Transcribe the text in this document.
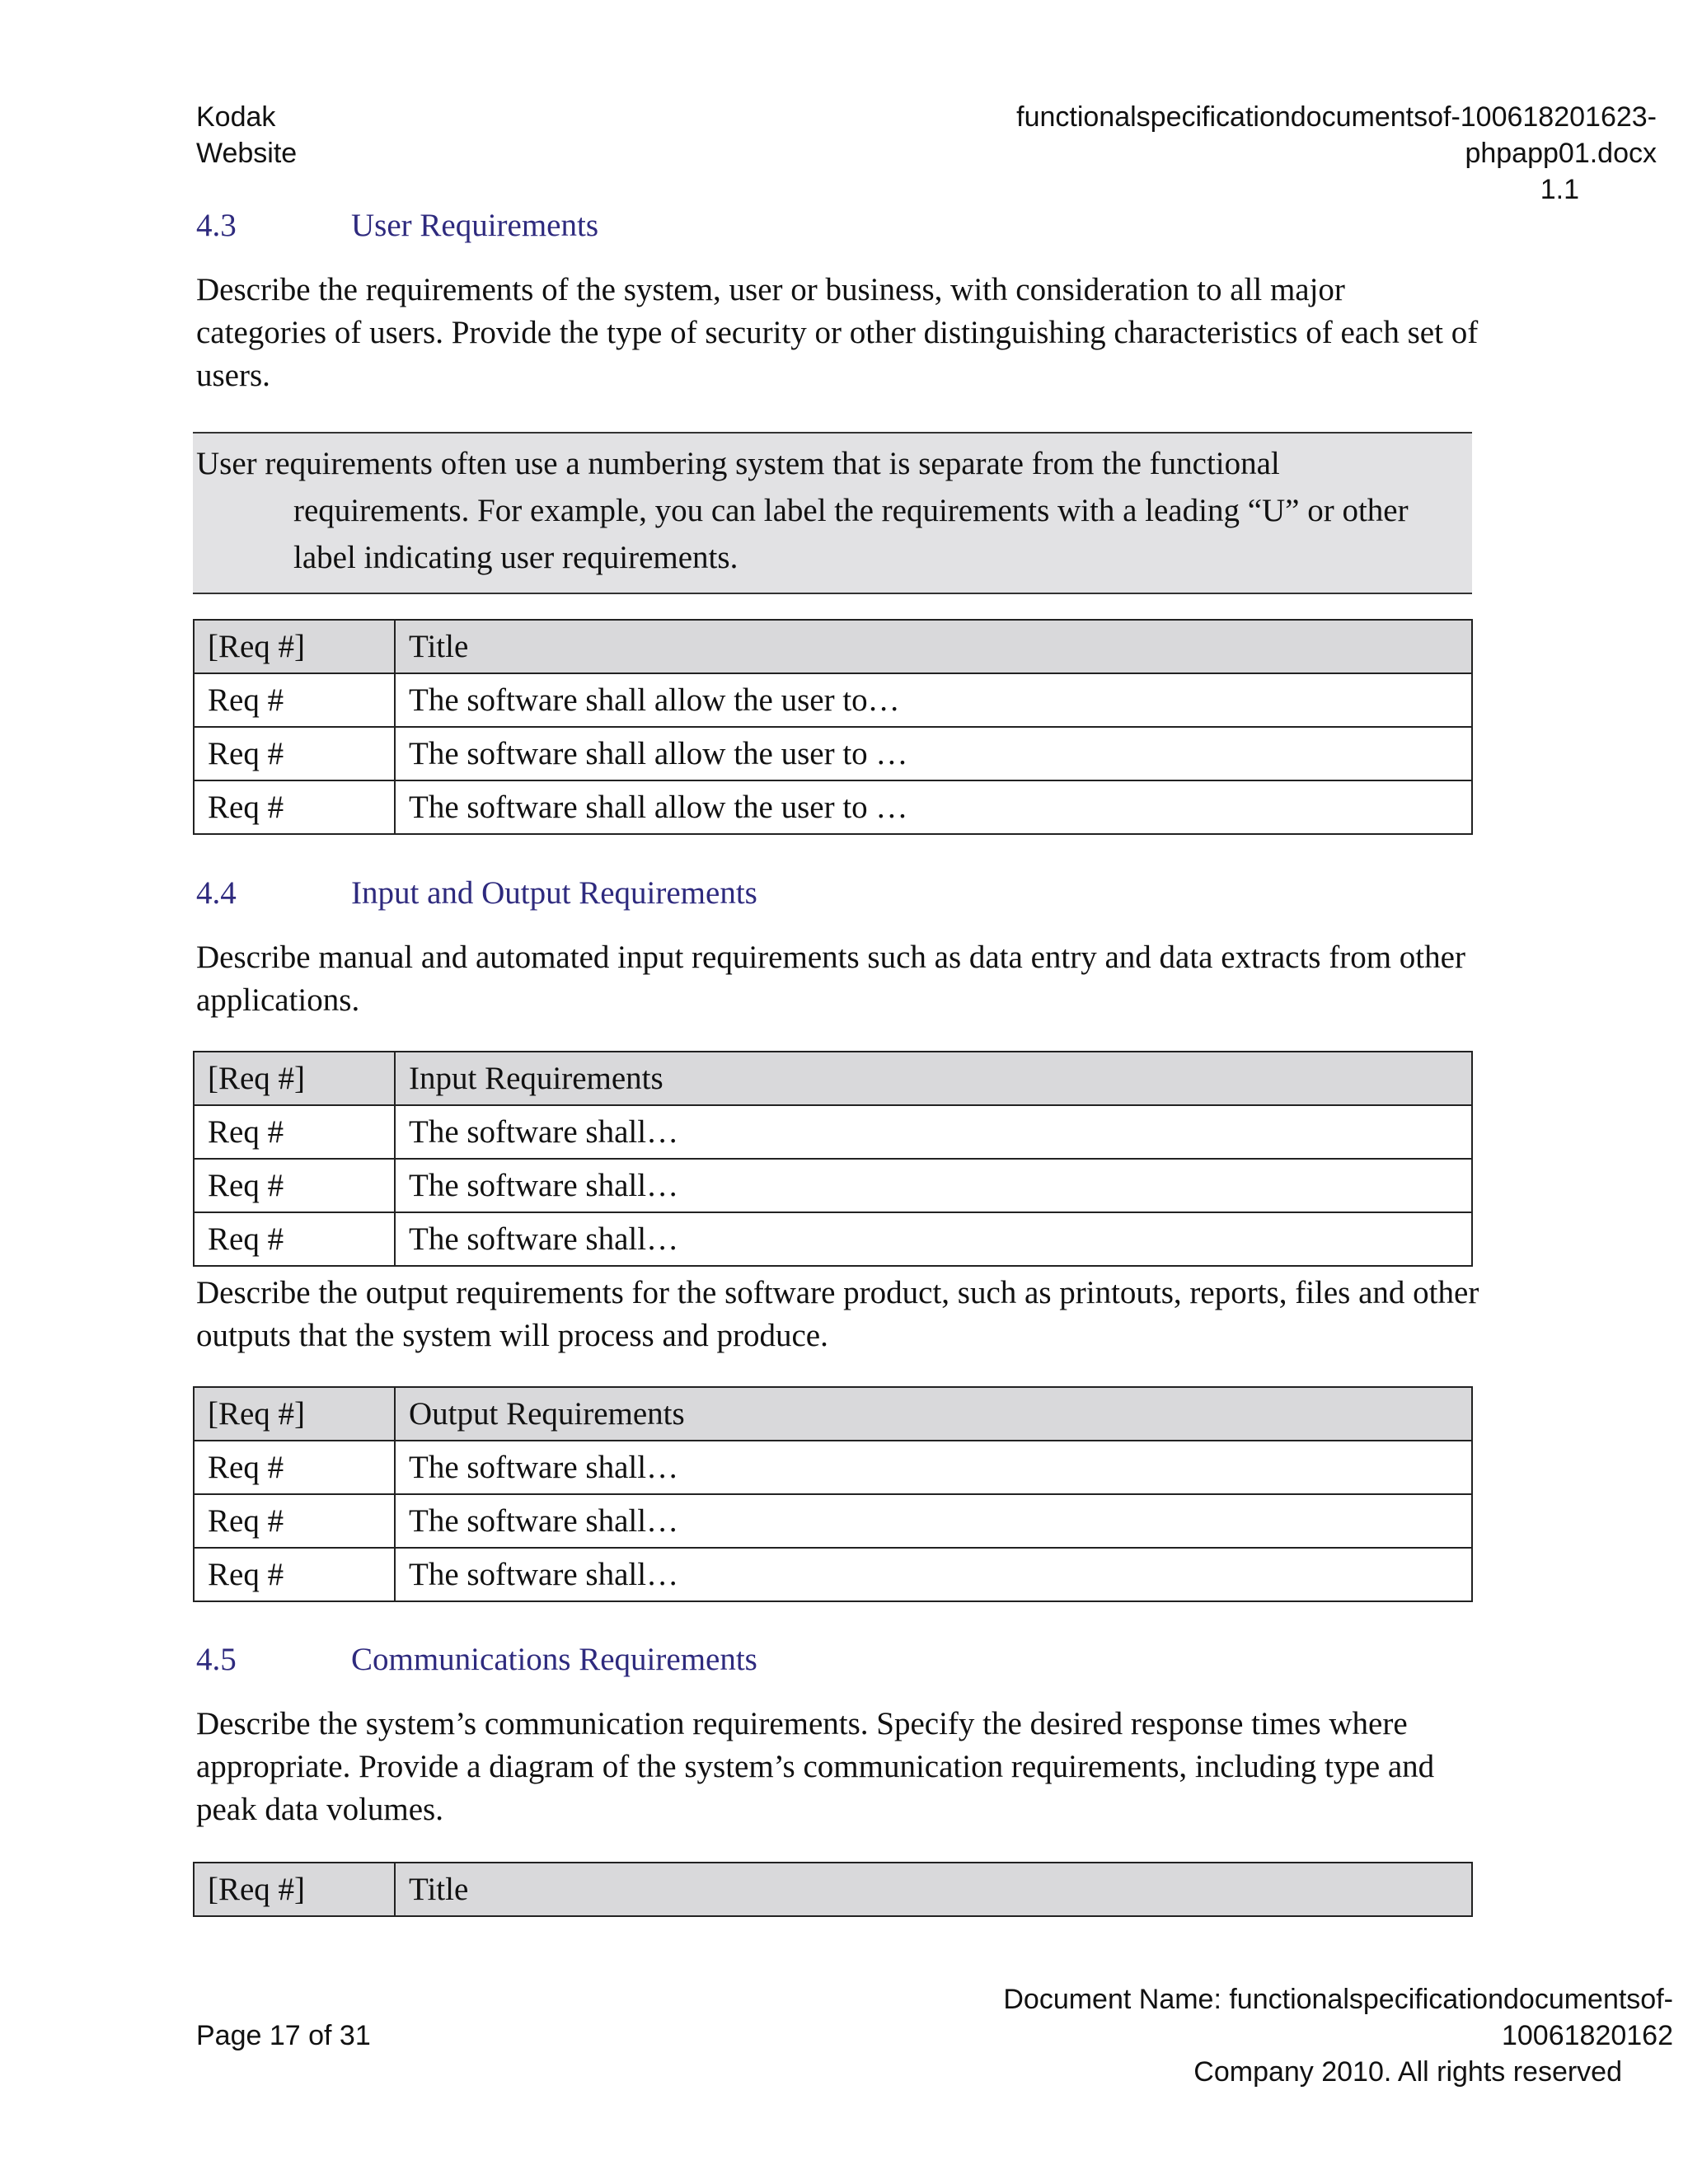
Kodak
Website
functionalspecificationdocumentsof-100618201623-phpapp01.docx
1.1
4.3	User Requirements
Describe the requirements of the system, user or business, with consideration to all major categories of users. Provide the type of security or other distinguishing characteristics of each set of users.
User requirements often use a numbering system that is separate from the functional
requirements. For example, you can label the requirements with a leading “U” or other label indicating user requirements.
[Req #]	Title
Req #	The software shall allow the user to…
Req #	The software shall allow the user to …
Req #	The software shall allow the user to …
4.4	Input and Output Requirements
Describe manual and automated input requirements such as data entry and data extracts from other applications.
[Req #]	Input Requirements
Req #	The software shall…
Req #	The software shall…
Req #	The software shall…
Describe the output requirements for the software product, such as printouts, reports, files and other outputs that the system will process and produce.
[Req #]	Output Requirements
Req #	The software shall…
Req #	The software shall…
Req #	The software shall…
4.5	Communications Requirements
Describe the system’s communication requirements. Specify the desired response times where appropriate. Provide a diagram of the system’s communication requirements, including type and peak data volumes.
[Req #]	Title
Page 17 of 31
Document Name: functionalspecificationdocumentsof-10061820162
Company 2010. All rights reserved
